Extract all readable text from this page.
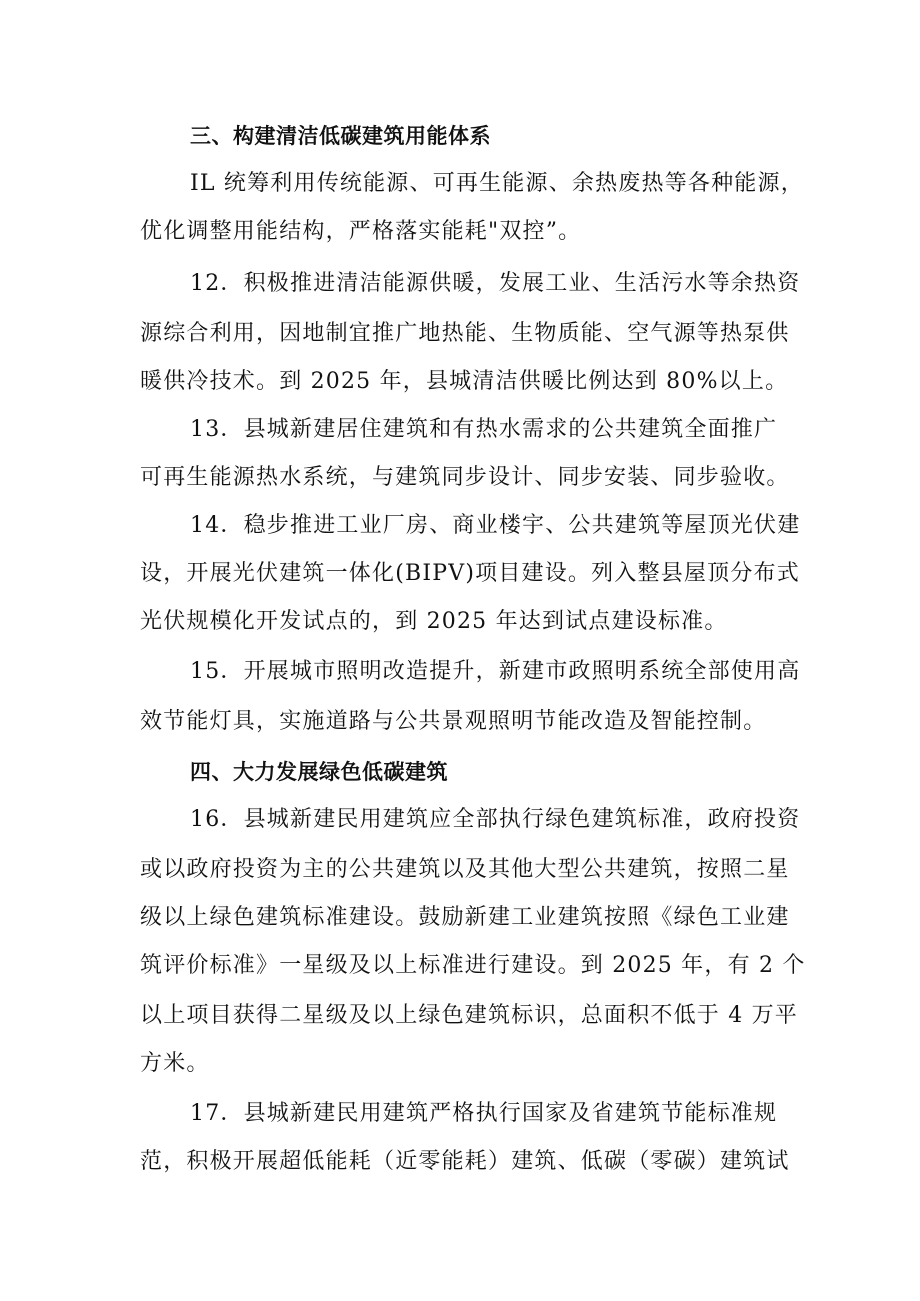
三、构建清洁低碳建筑用能体系
IL 统筹利用传统能源、可再生能源、余热废热等各种能源，
优化调整用能结构，严格落实能耗"双控”。
12．积极推进清洁能源供暖，发展工业、生活污水等余热资
源综合利用，因地制宜推广地热能、生物质能、空气源等热泵供
暖供冷技术。到 2025 年，县城清洁供暖比例达到 80%以上。
13．县城新建居住建筑和有热水需求的公共建筑全面推广
可再生能源热水系统，与建筑同步设计、同步安装、同步验收。
14．稳步推进工业厂房、商业楼宇、公共建筑等屋顶光伏建
设，开展光伏建筑一体化(BIPV)项目建设。列入整县屋顶分布式
光伏规模化开发试点的，到 2025 年达到试点建设标准。
15．开展城市照明改造提升，新建市政照明系统全部使用高
效节能灯具，实施道路与公共景观照明节能改造及智能控制。
四、大力发展绿色低碳建筑
16．县城新建民用建筑应全部执行绿色建筑标准，政府投资
或以政府投资为主的公共建筑以及其他大型公共建筑，按照二星
级以上绿色建筑标准建设。鼓励新建工业建筑按照《绿色工业建
筑评价标准》一星级及以上标准进行建设。到 2025 年，有 2 个
以上项目获得二星级及以上绿色建筑标识，总面积不低于 4 万平
方米。
17．县城新建民用建筑严格执行国家及省建筑节能标准规
范，积极开展超低能耗（近零能耗）建筑、低碳（零碳）建筑试
